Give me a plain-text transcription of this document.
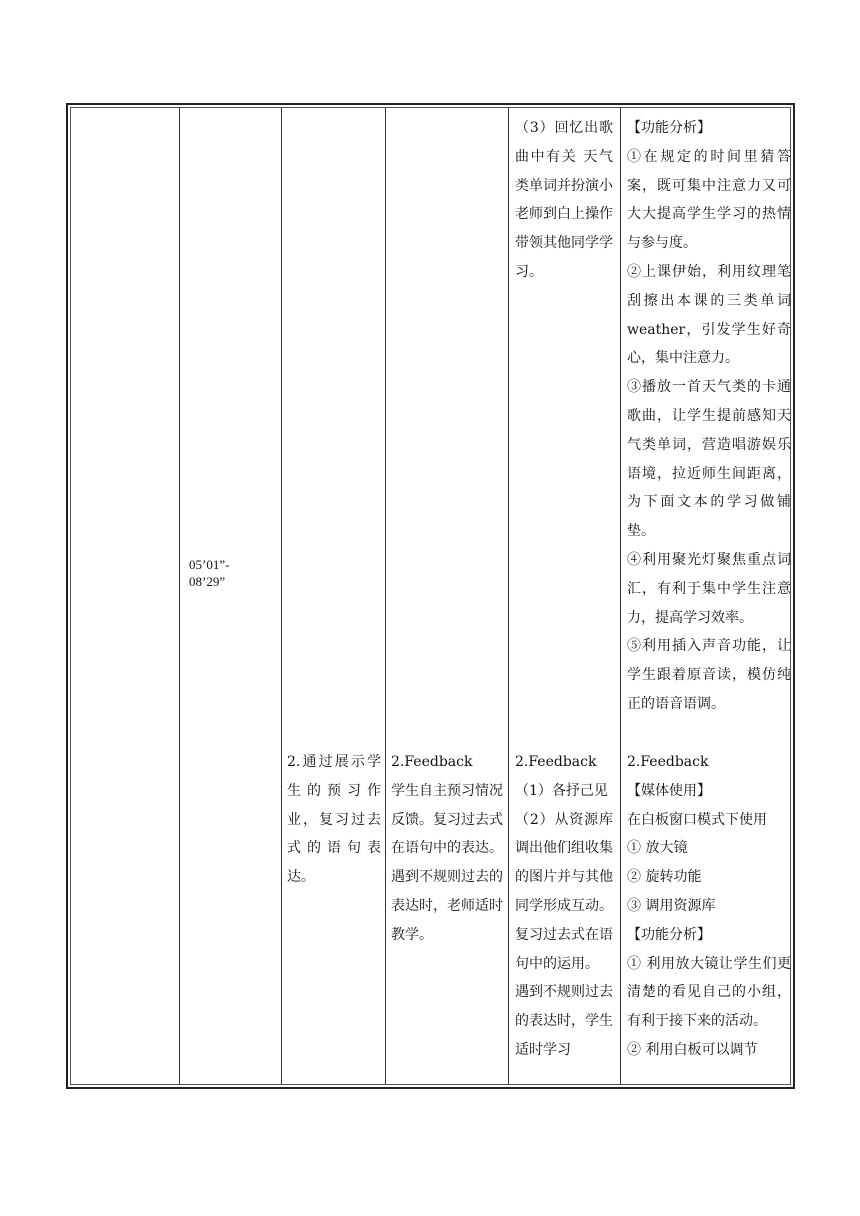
05’01”-
08’29”

（3）回忆出歌曲中有关 天气类单词并扮演小老师到白上操作带领其他同学学习。

【功能分析】

①在规定的时间里猜答案，既可集中注意力又可大大提高学生学习的热情与参与度。

②上课伊始，利用纹理笔刮擦出本课的三类单词weather，引发学生好奇心，集中注意力。

③播放一首天气类的卡通歌曲，让学生提前感知天气类单词，营造唱游娱乐语境，拉近师生间距离，为下面文本的学习做铺垫。

④利用聚光灯聚焦重点词汇，有利于集中学生注意力，提高学习效率。

⑤利用插入声音功能，让学生跟着原音读，模仿纯正的语音语调。

2.通过展示学生的预习作业，复习过去式的语句表达。

2.Feedback

学生自主预习情况反馈。复习过去式在语句中的表达。

遇到不规则过去的表达时，老师适时教学。

2.Feedback

（1）各抒己见

（2）从资源库调出他们组收集的图片并与其他同学形成互动。复习过去式在语句中的运用。

遇到不规则过去的表达时，学生适时学习

2.Feedback

【媒体使用】

在白板窗口模式下使用

① 放大镜

② 旋转功能

③ 调用资源库

【功能分析】

① 利用放大镜让学生们更清楚的看见自己的小组，有利于接下来的活动。

② 利用白板可以调节
